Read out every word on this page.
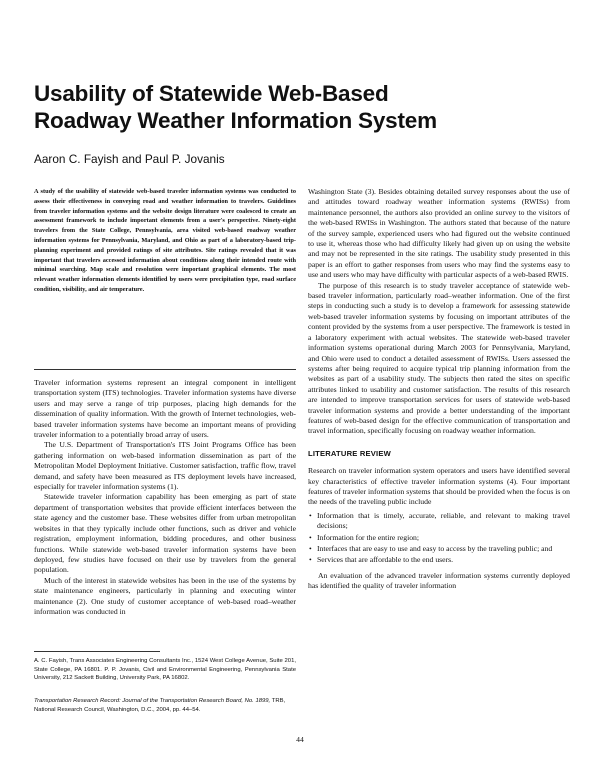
Usability of Statewide Web-Based
Roadway Weather Information System

Aaron C. Fayish and Paul P. Jovanis

A study of the usability of statewide web-based traveler information systems was conducted to assess their effectiveness in conveying road and weather information to travelers. Guidelines from traveler information systems and the website design literature were coalesced to create an assessment framework to include important elements from a user's perspective. Ninety-eight travelers from the State College, Pennsylvania, area visited web-based roadway weather information systems for Pennsylvania, Maryland, and Ohio as part of a laboratory-based trip-planning experiment and provided ratings of site attributes. Site ratings revealed that it was important that travelers accessed information about conditions along their intended route with minimal searching. Map scale and resolution were important graphical elements. The most relevant weather information elements identified by users were precipitation type, road surface condition, visibility, and air temperature.

Traveler information systems represent an integral component in intelligent transportation system (ITS) technologies. Traveler information systems have diverse users and may serve a range of trip purposes, placing high demands for the dissemination of quality information. With the growth of Internet technologies, web-based traveler information systems have become an important means of providing traveler information to a potentially broad array of users.

The U.S. Department of Transportation's ITS Joint Programs Office has been gathering information on web-based information dissemination as part of the Metropolitan Model Deployment Initiative. Customer satisfaction, traffic flow, travel demand, and safety have been measured as ITS deployment levels have increased, especially for traveler information systems (1).

Statewide traveler information capability has been emerging as part of state department of transportation websites that provide efficient interfaces between the state agency and the customer base. These websites differ from urban metropolitan websites in that they typically include other functions, such as driver and vehicle registration, employment information, bidding procedures, and other business functions. While statewide web-based traveler information systems have been deployed, few studies have focused on their use by travelers from the general population.

Much of the interest in statewide websites has been in the use of the systems by state maintenance engineers, particularly in planning and executing winter maintenance (2). One study of customer acceptance of web-based road–weather information was conducted in

A. C. Fayish, Trans Associates Engineering Consultants Inc., 1524 West College Avenue, Suite 201, State College, PA 16801. P. P. Jovanis, Civil and Environmental Engineering, Pennsylvania State University, 212 Sackett Building, University Park, PA 16802.

Transportation Research Record: Journal of the Transportation Research Board, No. 1899, TRB, National Research Council, Washington, D.C., 2004, pp. 44–54.

Washington State (3). Besides obtaining detailed survey responses about the use of and attitudes toward roadway weather information systems (RWISs) from maintenance personnel, the authors also provided an online survey to the visitors of the web-based RWISs in Washington. The authors stated that because of the nature of the survey sample, experienced users who had figured out the website continued to use it, whereas those who had difficulty likely had given up on using the website and may not be represented in the site ratings. The usability study presented in this paper is an effort to gather responses from users who may find the systems easy to use and users who may have difficulty with particular aspects of a web-based RWIS.

The purpose of this research is to study traveler acceptance of statewide web-based traveler information, particularly road–weather information. One of the first steps in conducting such a study is to develop a framework for assessing statewide web-based traveler information systems by focusing on important attributes of the content provided by the systems from a user perspective. The framework is tested in a laboratory experiment with actual websites. The statewide web-based traveler information systems operational during March 2003 for Pennsylvania, Maryland, and Ohio were used to conduct a detailed assessment of RWISs. Users assessed the systems after being required to acquire typical trip planning information from the websites as part of a usability study. The subjects then rated the sites on specific attributes linked to usability and customer satisfaction. The results of this research are intended to improve transportation services for users of statewide web-based traveler information systems and provide a better understanding of the important features of web-based design for the effective communication of transportation and travel information, specifically focusing on roadway weather information.

LITERATURE REVIEW

Research on traveler information system operators and users have identified several key characteristics of effective traveler information systems (4). Four important features of traveler information systems that should be provided when the focus is on the needs of the traveling public include

• Information that is timely, accurate, reliable, and relevant to making travel decisions;
• Information for the entire region;
• Interfaces that are easy to use and easy to access by the traveling public; and
• Services that are affordable to the end users.

An evaluation of the advanced traveler information systems currently deployed has identified the quality of traveler information

44
